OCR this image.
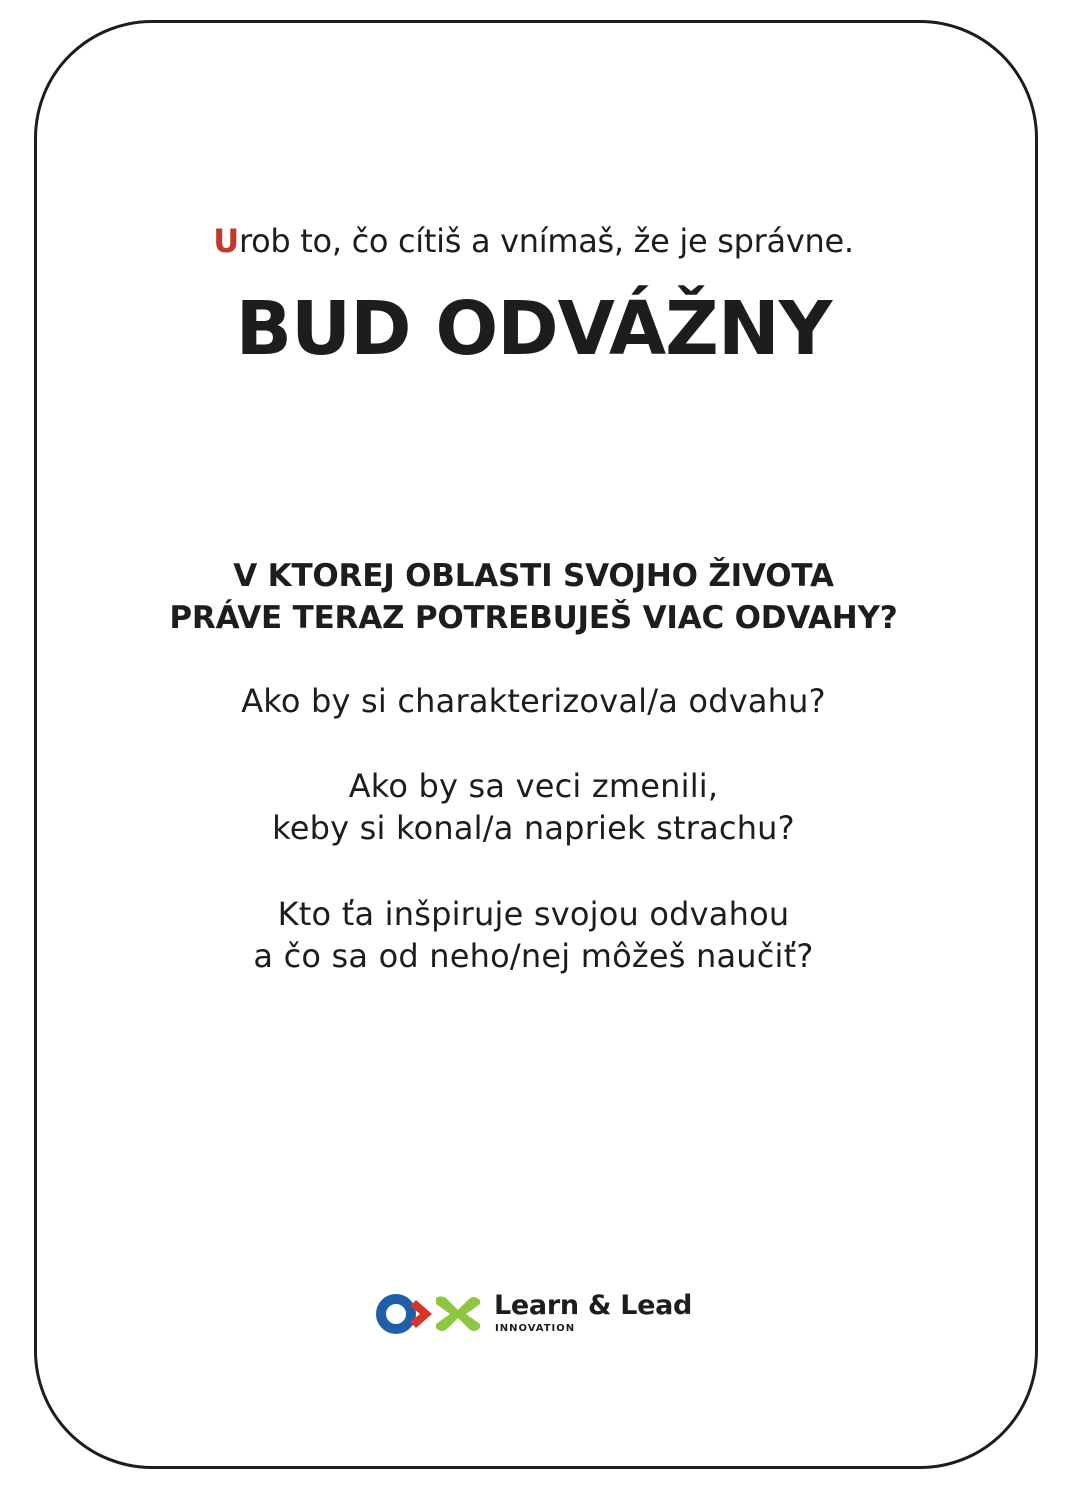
Urob to, čo cítiš a vnímaš, že je správne.
BUD ODVÁŽNY
V KTOREJ OBLASTI SVOJHO ŽIVOTA
PRÁVE TERAZ POTREBUJEŠ VIAC ODVAHY?
Ako by si charakterizoval/a odvahu?
Ako by sa veci zmenili,
keby si konal/a napriek strachu?
Kto ťa inšpiruje svojou odvahou
a čo sa od neho/nej môžeš naučiť?
Learn & Lead
INNOVATION
